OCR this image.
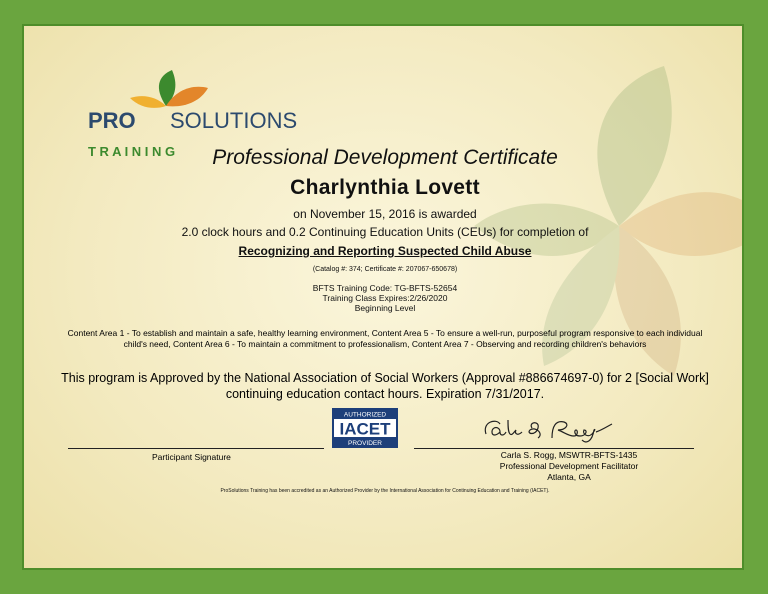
PRO SOLUTIONS
T R A I N I N G	Professional Development Certificate
Charlynthia Lovett
on November 15, 2016 is awarded
2.0 clock hours and 0.2 Continuing Education Units (CEUs) for completion of
Recognizing and Reporting Suspected Child Abuse
(Catalog #: 374; Certificate #: 207067-650678)
BFTS Training Code: TG-BFTS-52654
Training Class Expires:2/26/2020
Beginning Level
Content Area 1 - To establish and maintain a safe, healthy learning environment, Content Area 5 - To ensure a well-run, purposeful program responsive to each individual child's need, Content Area 6 - To maintain a commitment to professionalism, Content Area 7 - Observing and recording children's behaviors
This program is Approved by the National Association of Social Workers (Approval #886674697-0) for 2 [Social Work] continuing education contact hours. Expiration 7/31/2017.
AUTHORIZED
IACET
PROVIDER
Participant Signature	Carla S. Rogg, MSWTR-BFTS-1435
Professional Development Facilitator
Atlanta, GA
ProSolutions Training has been accredited as an Authorized Provider by the International Association for Continuing Education and Training (IACET).
